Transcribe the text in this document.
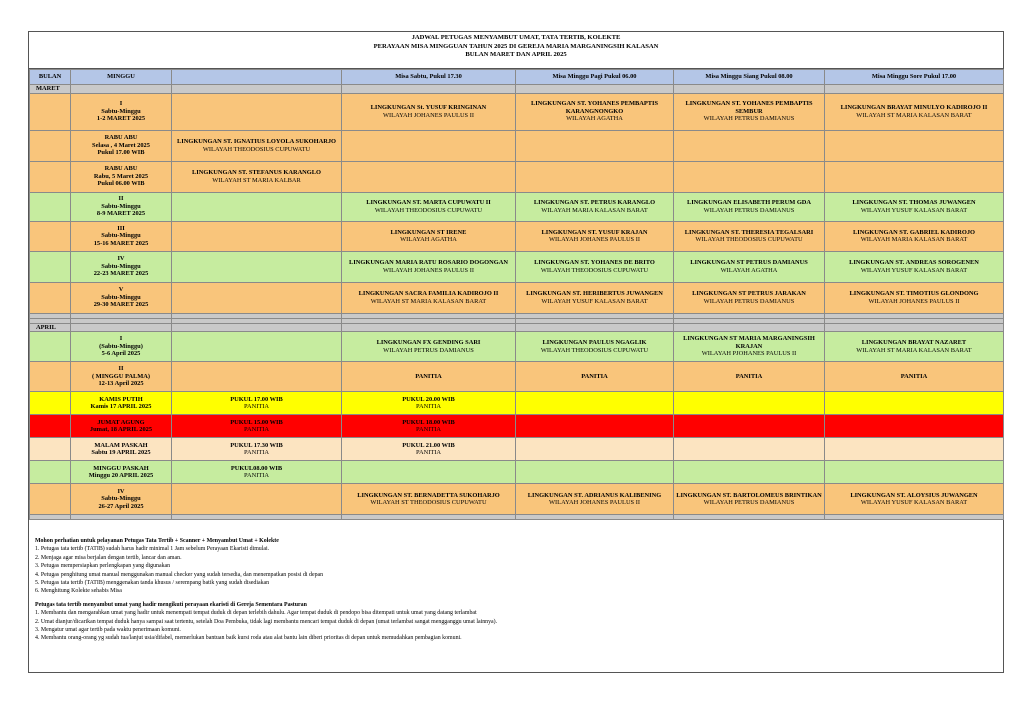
JADWAL PETUGAS MENYAMBUT UMAT, TATA TERTIB, KOLEKTE
PERAYAAN MISA MINGGUAN TAHUN 2025 DI GEREJA MARIA MARGANINGSIH KALASAN
BULAN MARET DAN APRIL 2025
BULAN	MINGGU		Misa Sabtu, Pukul 17.30	Misa Minggu Pagi Pukul 06.00	Misa Minggu Siang Pukul 08.00	Misa Minggu Sore Pukul 17.00
MARET						

	I
Sabtu-Minggu
1-2 MARET 2025		LINGKUNGAN St. YUSUF KRINGINAN
WILAYAH JOHANES PAULUS II	LINGKUNGAN ST. YOHANES PEMBAPTIS KARANGNONGKO
WILAYAH AGATHA	LINGKUNGAN ST. YOHANES PEMBAPTIS SEMBUR
WILAYAH PETRUS DAMIANUS	LINGKUNGAN BRAYAT MINULYO KADIROJO II
WILAYAH ST MARIA KALASAN BARAT

	RABU ABU
Selasa , 4 Maret 2025
Pukul 17.00 WIB	LINGKUNGAN ST. IGNATIUS LOYOLA SUKOHARJO
WILAYAH THEODOSIUS CUPUWATU				

	RABU ABU
Rabu, 5 Maret 2025
Pukul 06.00 WIB	LINGKUNGAN ST. STEFANUS KARANGLO
WILAYAH ST MARIA KALBAR				

	II
Sabtu-Minggu
8-9 MARET 2025		LINGKUNGAN ST. MARTA CUPUWATU II
WILAYAH THEODOSIUS CUPUWATU	LINGKUNGAN ST. PETRUS KARANGLO
WILAYAH MARIA KALASAN BARAT	LINGKUNGAN ELISABETH PERUM GDA
WILAYAH PETRUS DAMIANUS	LINGKUNGAN ST. THOMAS JUWANGEN
WILAYAH YUSUF KALASAN BARAT

	III
Sabtu-Minggu
15-16 MARET 2025		LINGKUNGAN ST IRENE
WILAYAH AGATHA	LINGKUNGAN ST. YUSUF KRAJAN
WILAYAH JOHANES PAULUS II	LINGKUNGAN ST. THERESIA TEGALSARI
WILAYAH THEODOSIUS CUPUWATU	LINGKUNGAN ST. GABRIEL KADIROJO
WILAYAH MARIA KALASAN BARAT

	IV
Sabtu-Minggu
22-23 MARET 2025		LINGKUNGAN MARIA RATU ROSARIO DOGONGAN
WILAYAH JOHANES PAULUS II	LINGKUNGAN ST. YOHANES DE BRITO
WILAYAH THEODOSIUS CUPUWATU	LINGKUNGAN ST PETRUS DAMIANUS
WILAYAH AGATHA	LINGKUNGAN ST. ANDREAS SOROGENEN
WILAYAH YUSUF KALASAN BARAT

	V
Sabtu-Minggu
29-30 MARET 2025		LINGKUNGAN SACRA FAMILIA KADIROJO II
WILAYAH ST MARIA KALASAN BARAT	LINGKUNGAN ST. HERIBERTUS JUWANGEN
WILAYAH YUSUF KALASAN BARAT	LINGKUNGAN ST PETRUS JARAKAN
WILAYAH PETRUS DAMIANUS	LINGKUNGAN ST. TIMOTIUS GLONDONG
WILAYAH JOHANES PAULUS II

APRIL						

	I
(Sabtu-Minggu)
5-6 April 2025		LINGKUNGAN FX GENDING SARI
WILAYAH PETRUS DAMIANUS	LINGKUNGAN PAULUS NGAGLIK
WILAYAH THEODOSIUS CUPUWATU	LINGKUNGAN ST MARIA MARGANINGSIH KRAJAN
WILAYAH PJOHANES PAULUS II	LINGKUNGAN BRAYAT NAZARET
WILAYAH ST MARIA KALASAN BARAT

	II
( MINGGU PALMA)
12-13 April 2025		PANITIA	PANITIA	PANITIA	PANITIA

	KAMIS PUTIH
Kamis 17 APRIL 2025	PUKUL 17.00 WIB
PANITIA	PUKUL 20.00 WIB
PANITIA			

	JUMAT AGUNG
Jumat, 18 APRIL 2025	PUKUL 15.00 WIB
PANITIA	PUKUL 18.00 WIB
PANITIA			

	MALAM PASKAH
Sabtu 19 APRIL 2025	PUKUL 17.30 WIB
PANITIA	PUKUL 21.00 WIB
PANITIA			

	MINGGU PASKAH
Minggu 20 APRIL 2025	PUKUL08.00 WIB
PANITIA				

	IV
Sabtu-Minggu
26-27 April 2025		LINGKUNGAN ST. BERNADETTA SUKOHARJO
WILAYAH ST THEODOSIUS CUPUWATU	LINGKUNGAN ST. ADRIANUS KALIBENING
WILAYAH JOHANES PAULUS II	LINGKUNGAN ST. BARTOLOMEUS BRINTIKAN
WILAYAH PETRUS DAMIANUS	LINGKUNGAN ST. ALOYSIUS JUWANGEN
WILAYAH YUSUF KALASAN BARAT

Mohon perhatian untuk pelayanan Petugas Tata Tertib + Scanner + Menyambut Umat + Kolekte
1. Petugas tata tertib (TATIB) sudah harus hadir minimal 1 Jam sebelum Perayaan Ekaristi dimulai.
2. Menjaga agar misa berjalan dengan tertib, lancar dan aman.
3. Petugas mempersiapkan perlengkapan yang digunakan
4. Petugas penghitung umat manual menggunakan manual checker yang sudah tersedia, dan menempatkan posisi di depan
5. Petugas tata tertib (TATIB) menggenakan tanda khusus / serempang batik yang sudah disediakan
6. Menghitung Kolekte sehabis Misa
Petugas tata tertib menyambut umat yang hadir mengikuti perayaan ekaristi di Gereja Sementara Pasturan
1. Membantu dan mengarahkan umat yang hadir untuk menempati tempat duduk di depan terlebih dahulu. Agar tempat duduk di pendopo bisa ditempati untuk umat yang datang terlambat
2. Umat dianjur/dicarikan tempat duduk hanya sampai saat tertentu, setelah Doa Pembuka, tidak lagi membantu mencari tempat duduk di depan (umat terlambat sangat mengganggu umat lainnya).
3. Mengatur umat agar tertib pada waktu penerimaan komuni.
4. Membantu orang-orang yg sudah tua/lanjut usia/difabel, memerlukan bantuan baik kursi roda atau alat bantu lain diberi prioritas di depan untuk memudahkan pembagian komuni.
